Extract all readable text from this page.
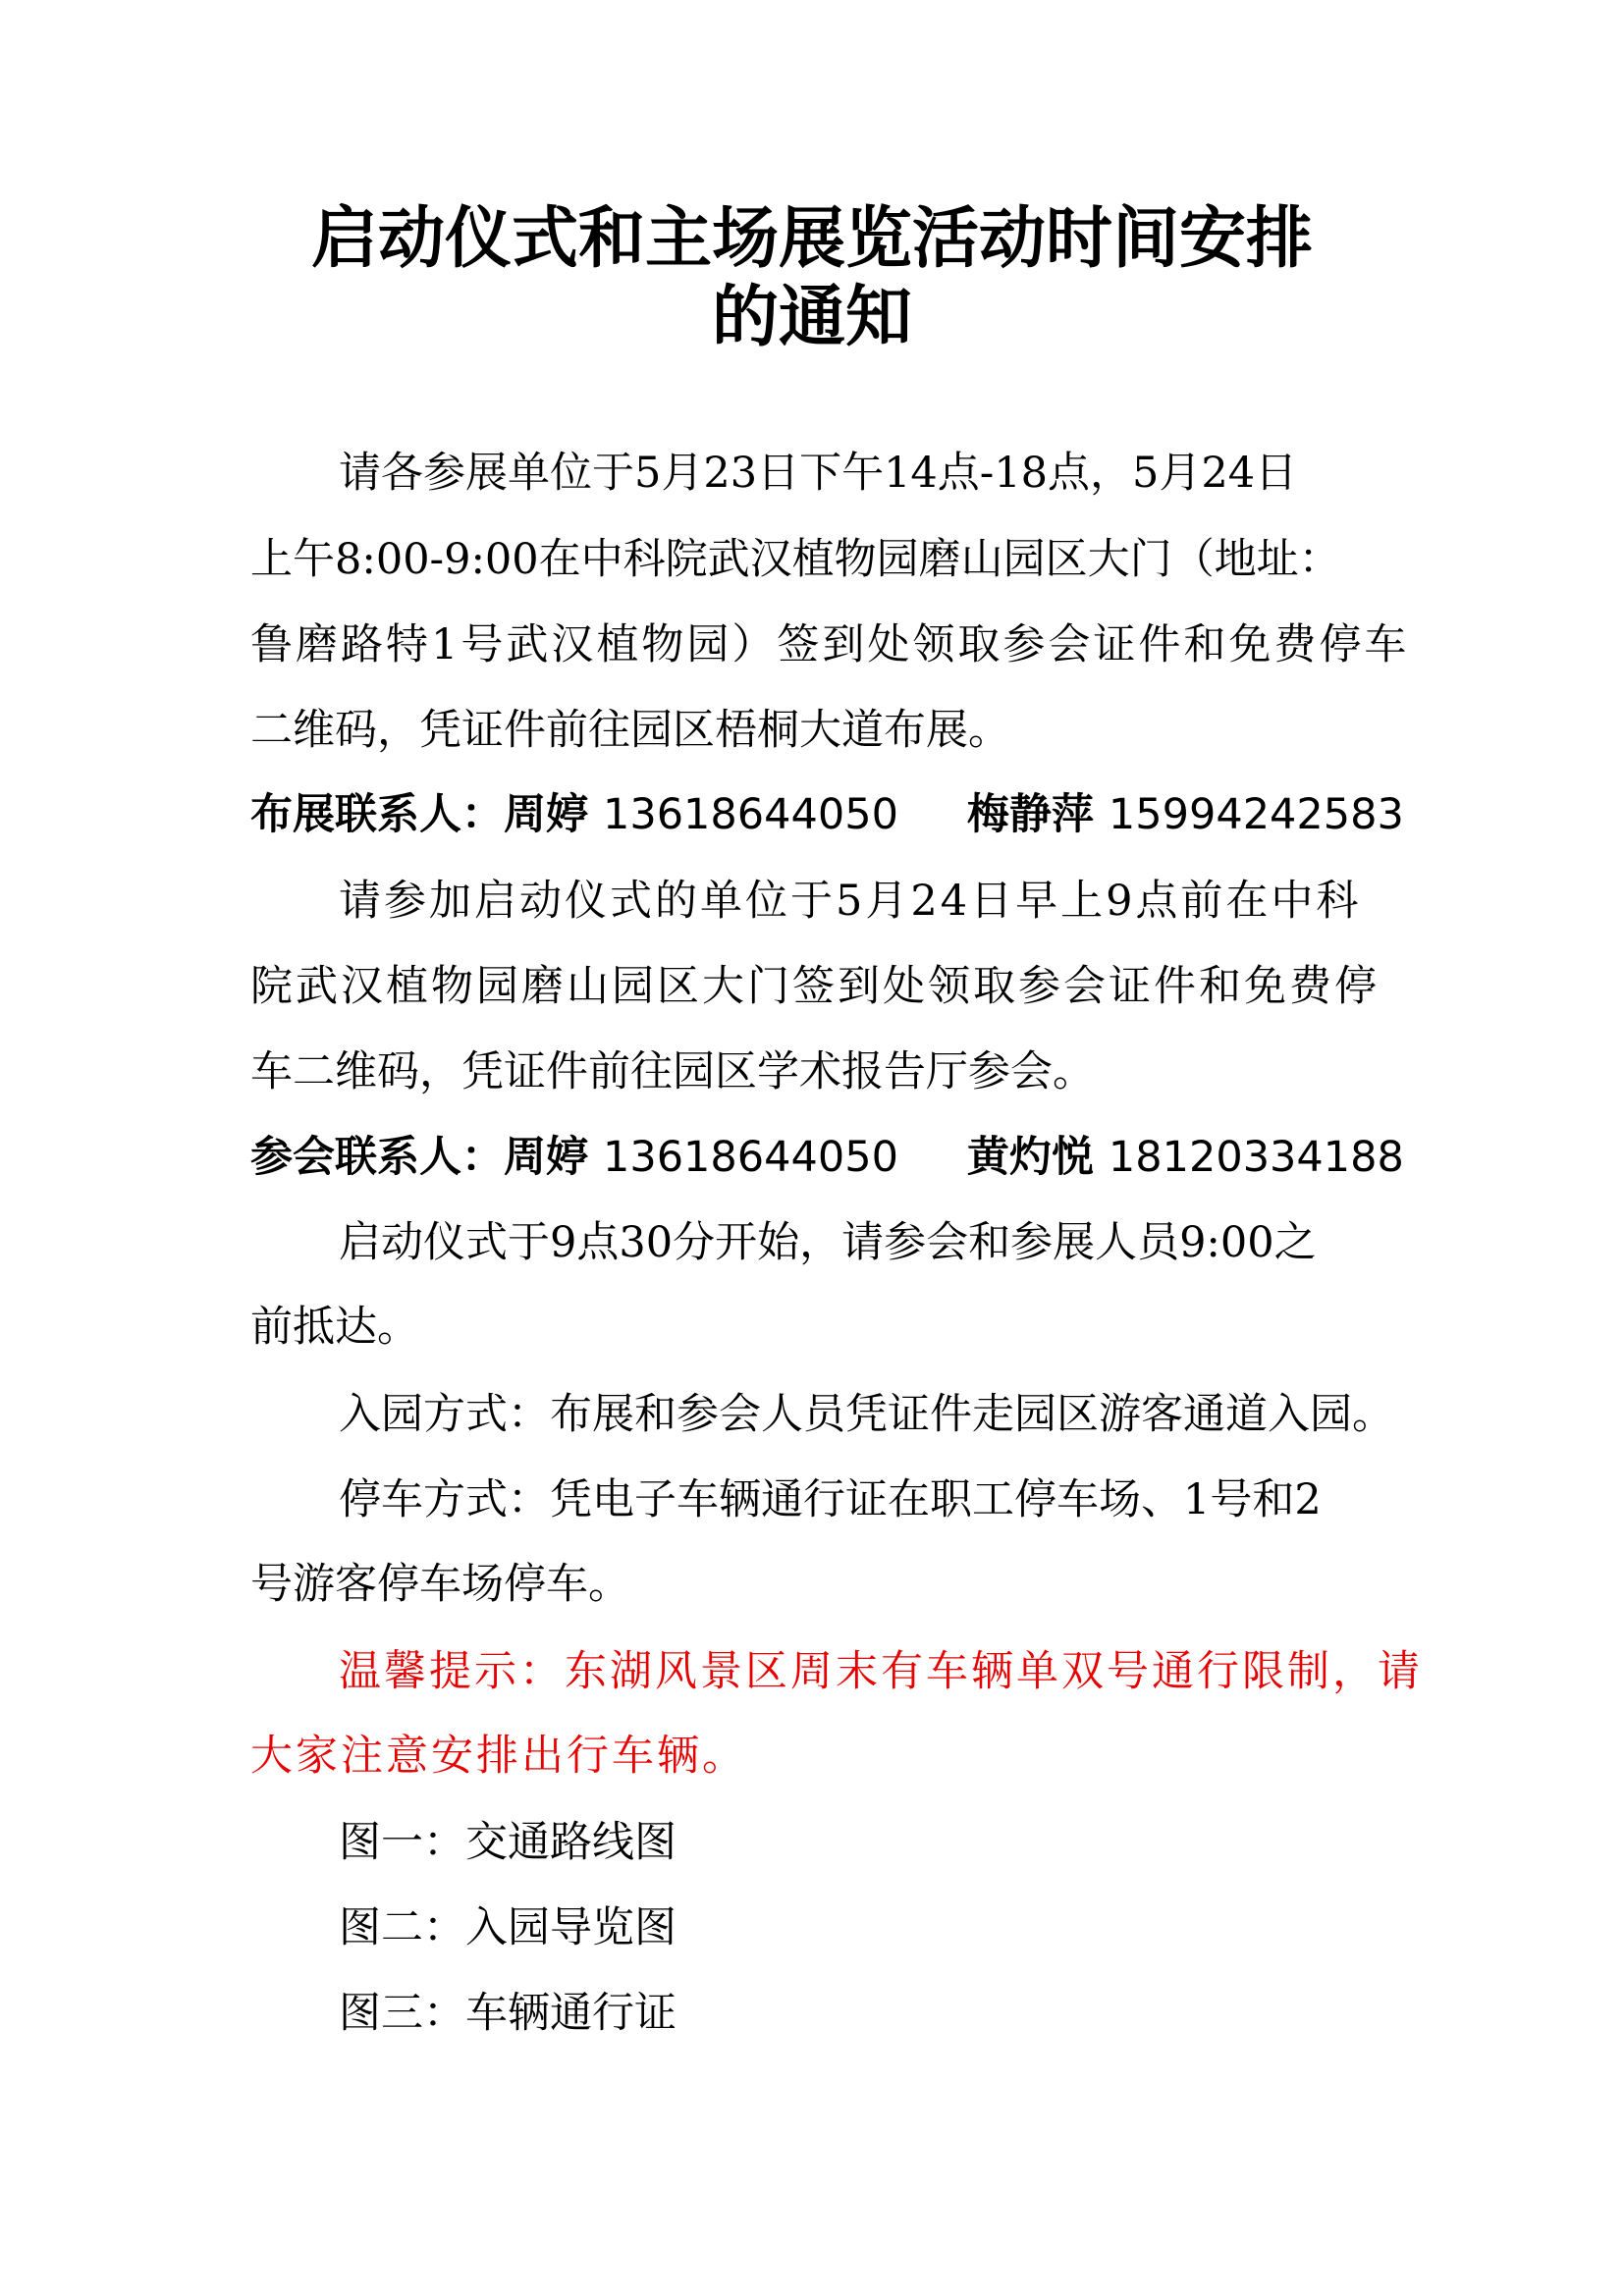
启动仪式和主场展览活动时间安排
的通知
请各参展单位于5月23日下午14点-18点，5月24日
上午8:00-9:00在中科院武汉植物园磨山园区大门（地址：
鲁磨路特1号武汉植物园）签到处领取参会证件和免费停车
二维码，凭证件前往园区梧桐大道布展。
布展联系人：周婷 13618644050 梅静萍 15994242583
请参加启动仪式的单位于5月24日早上9点前在中科
院武汉植物园磨山园区大门签到处领取参会证件和免费停
车二维码，凭证件前往园区学术报告厅参会。
参会联系人：周婷 13618644050 黄灼悦 18120334188
启动仪式于9点30分开始，请参会和参展人员9:00之
前抵达。
入园方式：布展和参会人员凭证件走园区游客通道入园。
停车方式：凭电子车辆通行证在职工停车场、1号和2
号游客停车场停车。
温馨提示：东湖风景区周末有车辆单双号通行限制，请
大家注意安排出行车辆。
图一：交通路线图
图二：入园导览图
图三：车辆通行证
